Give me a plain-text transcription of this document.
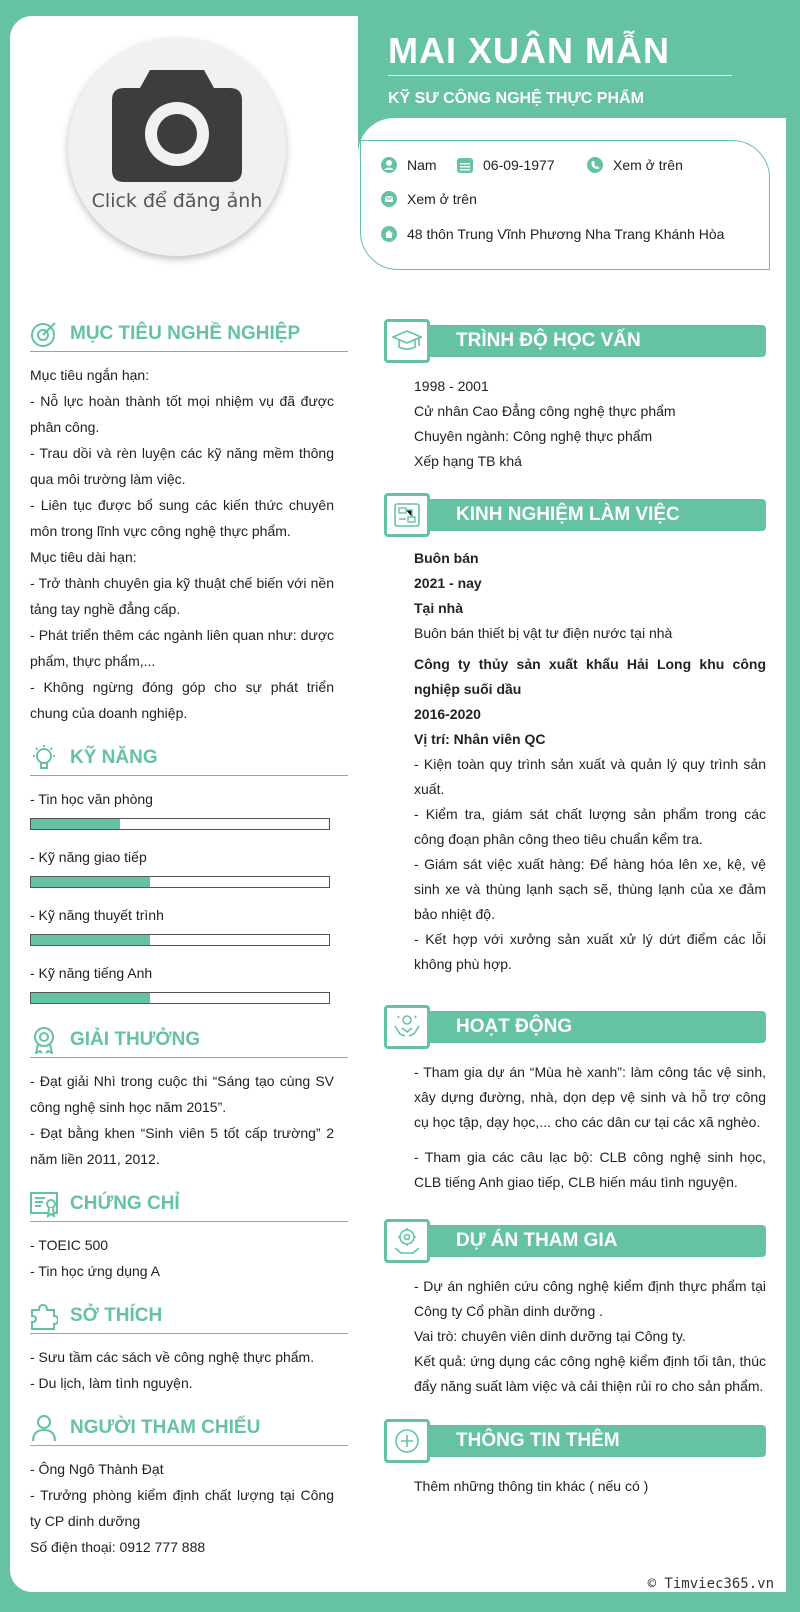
Click để đăng ảnh
MAI XUÂN MẪN
KỸ SƯ CÔNG NGHỆ THỰC PHẨM
Nam	06-09-1977	Xem ở trên
Xem ở trên
48 thôn Trung Vĩnh Phương Nha Trang Khánh Hòa
MỤC TIÊU NGHỀ NGHIỆP
Mục tiêu ngắn hạn:
- Nỗ lực hoàn thành tốt mọi nhiệm vụ đã được phân công.
- Trau dồi và rèn luyện các kỹ năng mềm thông qua môi trường làm việc.
- Liên tục được bổ sung các kiến thức chuyên môn trong lĩnh vực công nghệ thực phẩm.
Mục tiêu dài hạn:
- Trở thành chuyên gia kỹ thuật chế biến với nền tảng tay nghề đẳng cấp.
- Phát triển thêm các ngành liên quan như: dược phẩm, thực phẩm,...
- Không ngừng đóng góp cho sự phát triển chung của doanh nghiệp.
KỸ NĂNG
- Tin học văn phòng
- Kỹ năng giao tiếp
- Kỹ năng thuyết trình
- Kỹ năng tiếng Anh
GIẢI THƯỞNG
- Đạt giải Nhì trong cuộc thi “Sáng tạo cùng SV công nghệ sinh học năm 2015”.
- Đạt bằng khen “Sinh viên 5 tốt cấp trường” 2 năm liền 2011, 2012.
CHỨNG CHỈ
- TOEIC 500
- Tin học ứng dụng A
SỞ THÍCH
- Sưu tầm các sách về công nghệ thực phẩm.
- Du lịch, làm tình nguyện.
NGƯỜI THAM CHIẾU
- Ông Ngô Thành Đạt
- Trưởng phòng kiểm định chất lượng tại Công ty CP dinh dưỡng
Số điện thoại: 0912 777 888
TRÌNH ĐỘ HỌC VẤN
1998 - 2001
Cử nhân Cao Đẳng công nghệ thực phẩm
Chuyên ngành: Công nghệ thực phẩm
Xếp hạng TB khá
KINH NGHIỆM LÀM VIỆC
Buôn bán
2021 - nay
Tại nhà
Buôn bán thiết bị vật tư điện nước tại nhà
Công ty thủy sản xuất khẩu Hải Long khu công nghiệp suối dầu
2016-2020
Vị trí: Nhân viên QC
- Kiện toàn quy trình sản xuất và quản lý quy trình sản xuất.
- Kiểm tra, giám sát chất lượng sản phẩm trong các công đoạn phân công theo tiêu chuẩn kểm tra.
- Giám sát việc xuất hàng: Để hàng hóa lên xe, kệ, vệ sinh xe và thùng lạnh sạch sẽ, thùng lạnh của xe đảm bảo nhiệt độ.
- Kết hợp với xưởng sản xuất xử lý dứt điểm các lỗi không phù hợp.
HOẠT ĐỘNG
- Tham gia dự án “Mùa hè xanh”: làm công tác vệ sinh, xây dựng đường, nhà, dọn dẹp vệ sinh và hỗ trợ công cụ học tập, dạy học,... cho các dân cư tại các xã nghèo.
- Tham gia các câu lạc bộ: CLB công nghệ sinh học, CLB tiếng Anh giao tiếp, CLB hiến máu tình nguyện.
DỰ ÁN THAM GIA
- Dự án nghiên cứu công nghệ kiểm định thực phẩm tại Công ty Cổ phần dinh dưỡng .
Vai trò: chuyên viên dinh dưỡng tại Công ty.
Kết quả: ứng dụng các công nghệ kiểm định tối tân, thúc đẩy năng suất làm việc và cải thiện rủi ro cho sản phẩm.
THÔNG TIN THÊM
Thêm những thông tin khác ( nếu có )
© Timviec365.vn
